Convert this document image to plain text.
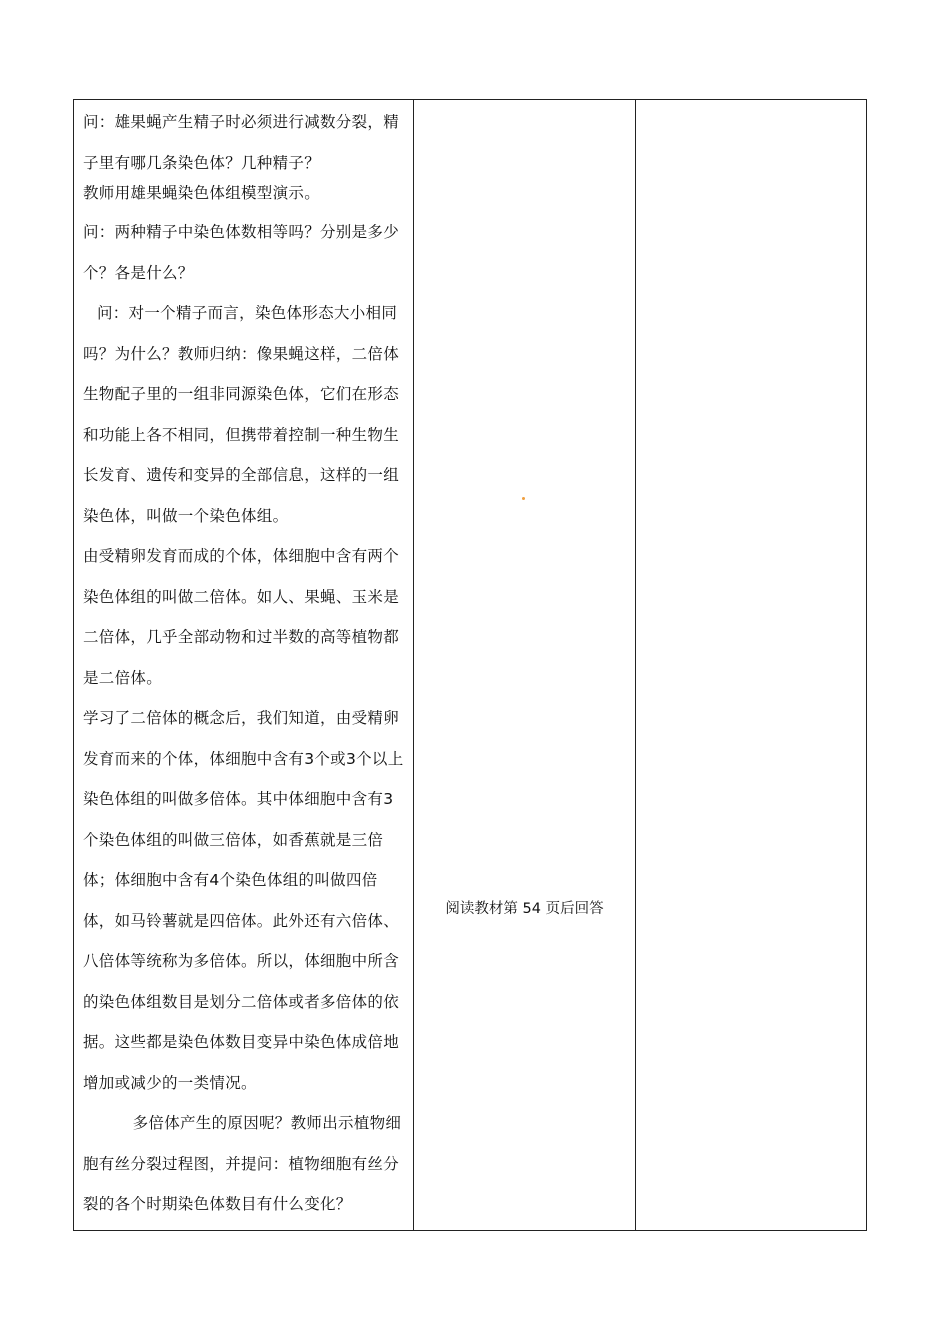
问：雄果蝇产生精子时必须进行减数分裂，精子里有哪几条染色体？几种精子？

教师用雄果蝇染色体组模型演示。

问：两种精子中染色体数相等吗？分别是多少个？各是什么？

问：对一个精子而言，染色体形态大小相同吗？为什么？教师归纳：像果蝇这样，二倍体生物配子里的一组非同源染色体，它们在形态和功能上各不相同，但携带着控制一种生物生长发育、遗传和变异的全部信息，这样的一组染色体，叫做一个染色体组。

由受精卵发育而成的个体，体细胞中含有两个染色体组的叫做二倍体。如人、果蝇、玉米是二倍体，几乎全部动物和过半数的高等植物都是二倍体。

学习了二倍体的概念后，我们知道，由受精卵发育而来的个体，体细胞中含有3个或3个以上染色体组的叫做多倍体。其中体细胞中含有3个染色体组的叫做三倍体，如香蕉就是三倍体；体细胞中含有4个染色体组的叫做四倍体，如马铃薯就是四倍体。此外还有六倍体、八倍体等统称为多倍体。所以，体细胞中所含的染色体组数目是划分二倍体或者多倍体的依据。这些都是染色体数目变异中染色体成倍地增加或减少的一类情况。

多倍体产生的原因呢？教师出示植物细胞有丝分裂过程图，并提问：植物细胞有丝分裂的各个时期染色体数目有什么变化？

阅读教材第 54 页后回答
